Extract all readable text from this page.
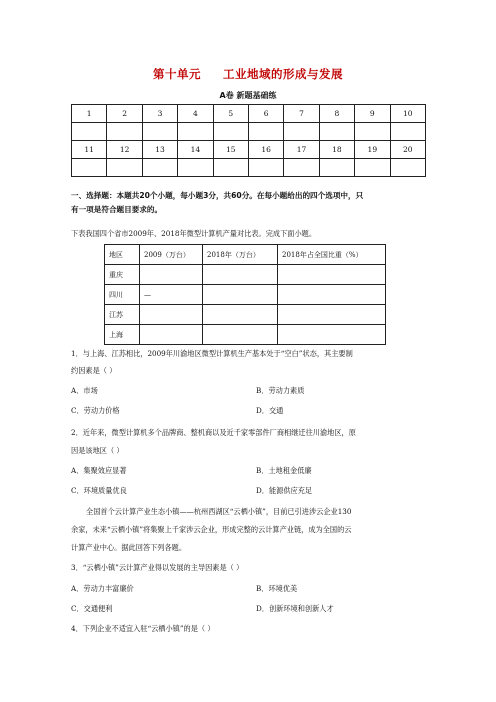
第十单元 工业地域的形成与发展
A卷 新题基础练
1	2	3	4	5	6	7	8	9	10

11	12	13	14	15	16	17	18	19	20

一、选择题：本题共20个小题，每小题3分，共60分。在每小题给出的四个选项中，只
有一项是符合题目要求的。
下表我国四个省市2009年、2018年微型计算机产量对比表。完成下面小题。
地区	2009（万台）	2018年（万台）	2018年占全国比重（%）
重庆			
四川	—		
江苏			
上海			
1．与上海、江苏相比，2009年川渝地区微型计算机生产基本处于“空白”状态，其主要制
约因素是（ ）
A．市场	B．劳动力素质
C．劳动力价格	D．交通
2．近年来，微型计算机多个品牌商、整机商以及近千家零部件厂商相继迁往川渝地区，原
因是该地区（ ）
A．集聚效应显著	B．土地租金低廉
C．环境质量优良	D．能源供应充足
全国首个云计算产业生态小镇——杭州西湖区“云栖小镇”，目前已引进涉云企业130
余家，未来“云栖小镇”将集聚上千家涉云企业，形成完整的云计算产业链，成为全国的云
计算产业中心。据此回答下列各题。
3．“云栖小镇”云计算产业得以发展的主导因素是（ ）
A．劳动力丰富廉价	B．环境优美
C．交通便利	D．创新环境和创新人才
4．下列企业不适宜入驻“云栖小镇”的是（ ）
